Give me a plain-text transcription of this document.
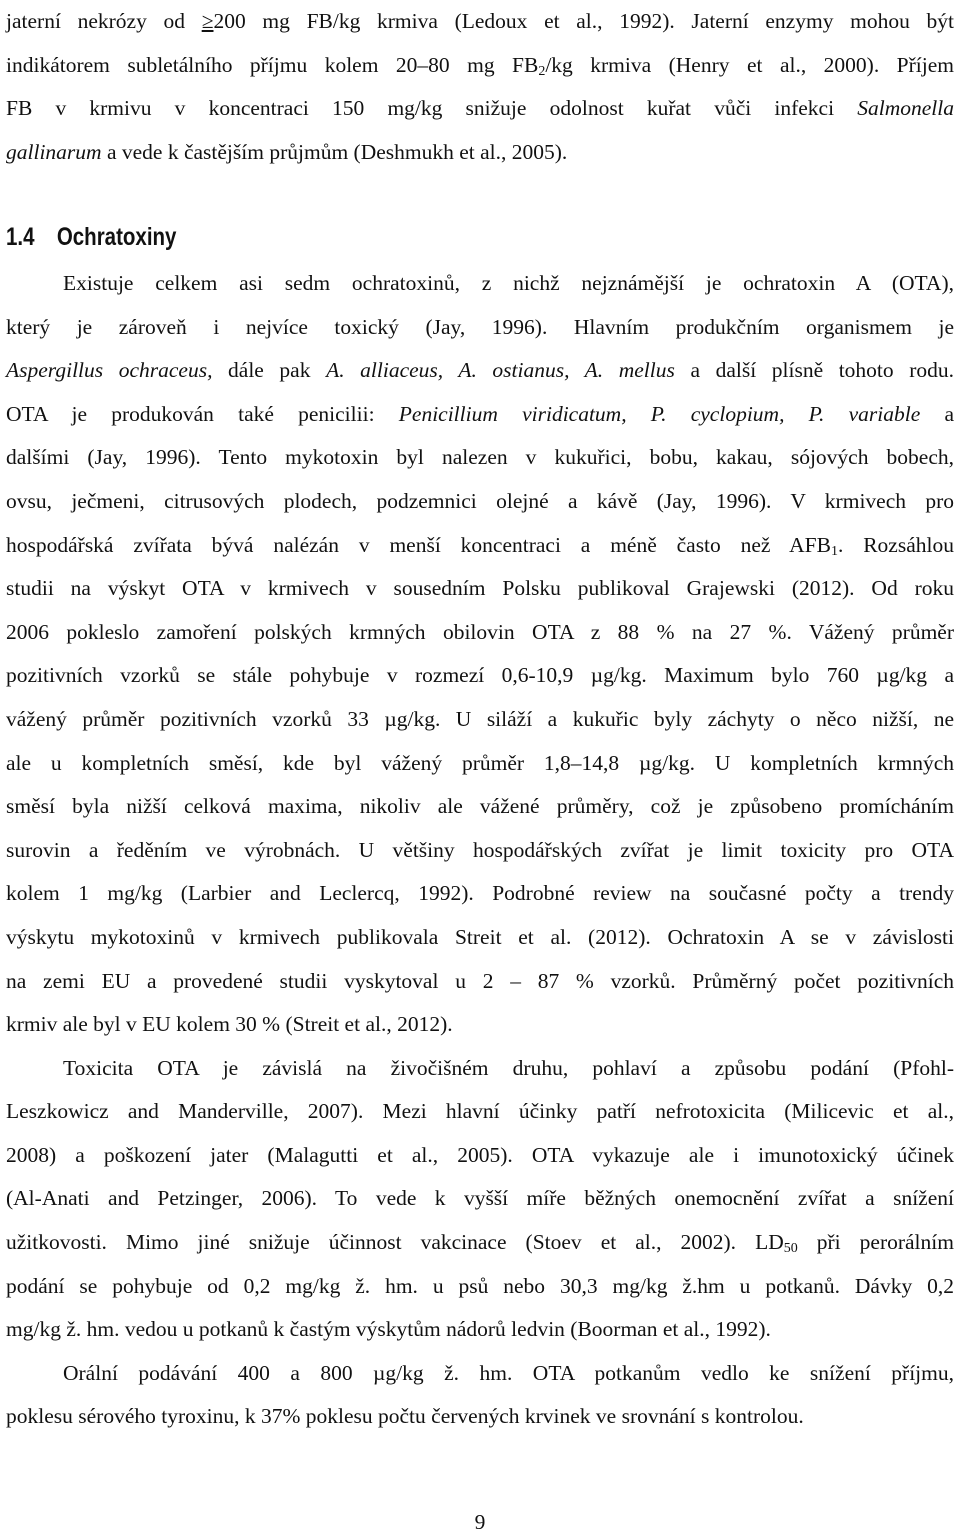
jaterní nekrózy od ≥200 mg FB/kg krmiva (Ledoux et al., 1992). Jaterní enzymy mohou být
indikátorem subletálního příjmu kolem 20–80 mg $FB_2/kg$ krmiva (Henry et al., 2000). Příjem
FB v krmivu v koncentraci 150 mg/kg snižuje odolnost kuřat vůči infekci Salmonella
gallinarum a vede k častějším průjmům (Deshmukh et al., 2005).
1.4 Ochratoxiny
Existuje celkem asi sedm ochratoxinů, z nichž nejznámější je ochratoxin A (OTA),
který je zároveň i nejvíce toxický (Jay, 1996). Hlavním produkčním organismem je
Aspergillus ochraceus, dále pak A. alliaceus, A. ostianus, A. mellus a další plísně tohoto rodu.
OTA je produkován také penicilii: Penicillium viridicatum, P. cyclopium, P. variable a
dalšími (Jay, 1996). Tento mykotoxin byl nalezen v kukuřici, bobu, kakau, sójových bobech,
ovsu, ječmeni, citrusových plodech, podzemnici olejné a kávě (Jay, 1996). V krmivech pro
hospodářská zvířata bývá nalézán v menší koncentraci a méně často než $AFB_1$. Rozsáhlou
studii na výskyt OTA v krmivech v sousedním Polsku publikoval Grajewski (2012). Od roku
2006 pokleslo zamoření polských krmných obilovin OTA z 88 % na 27 %. Vážený průměr
pozitivních vzorků se stále pohybuje v rozmezí 0,6-10,9 µg/kg. Maximum bylo 760 µg/kg a
vážený průměr pozitivních vzorků 33 µg/kg. U siláží a kukuřic byly záchyty o něco nižší, ne
ale u kompletních směsí, kde byl vážený průměr 1,8–14,8 µg/kg. U kompletních krmných
směsí byla nižší celková maxima, nikoliv ale vážené průměry, což je způsobeno promícháním
surovin a ředěním ve výrobnách. U většiny hospodářských zvířat je limit toxicity pro OTA
kolem 1 mg/kg (Larbier and Leclercq, 1992). Podrobné review na současné počty a trendy
výskytu mykotoxinů v krmivech publikovala Streit et al. (2012). Ochratoxin A se v závislosti
na zemi EU a provedené studii vyskytoval u 2 – 87 % vzorků. Průměrný počet pozitivních
krmiv ale byl v EU kolem 30 % (Streit et al., 2012).
Toxicita OTA je závislá na živočišném druhu, pohlaví a způsobu podání (Pfohl-
Leszkowicz and Manderville, 2007). Mezi hlavní účinky patří nefrotoxicita (Milicevic et al.,
2008) a poškození jater (Malagutti et al., 2005). OTA vykazuje ale i imunotoxický účinek
(Al-Anati and Petzinger, 2006). To vede k vyšší míře běžných onemocnění zvířat a snížení
užitkovosti. Mimo jiné snižuje účinnost vakcinace (Stoev et al., 2002). $LD_{50}$ při perorálním
podání se pohybuje od 0,2 mg/kg ž. hm. u psů nebo 30,3 mg/kg ž.hm u potkanů. Dávky 0,2
mg/kg ž. hm. vedou u potkanů k častým výskytům nádorů ledvin (Boorman et al., 1992).
Orální podávání 400 a 800 µg/kg ž. hm. OTA potkanům vedlo ke snížení příjmu,
poklesu sérového tyroxinu, k 37% poklesu počtu červených krvinek ve srovnání s kontrolou.
9
